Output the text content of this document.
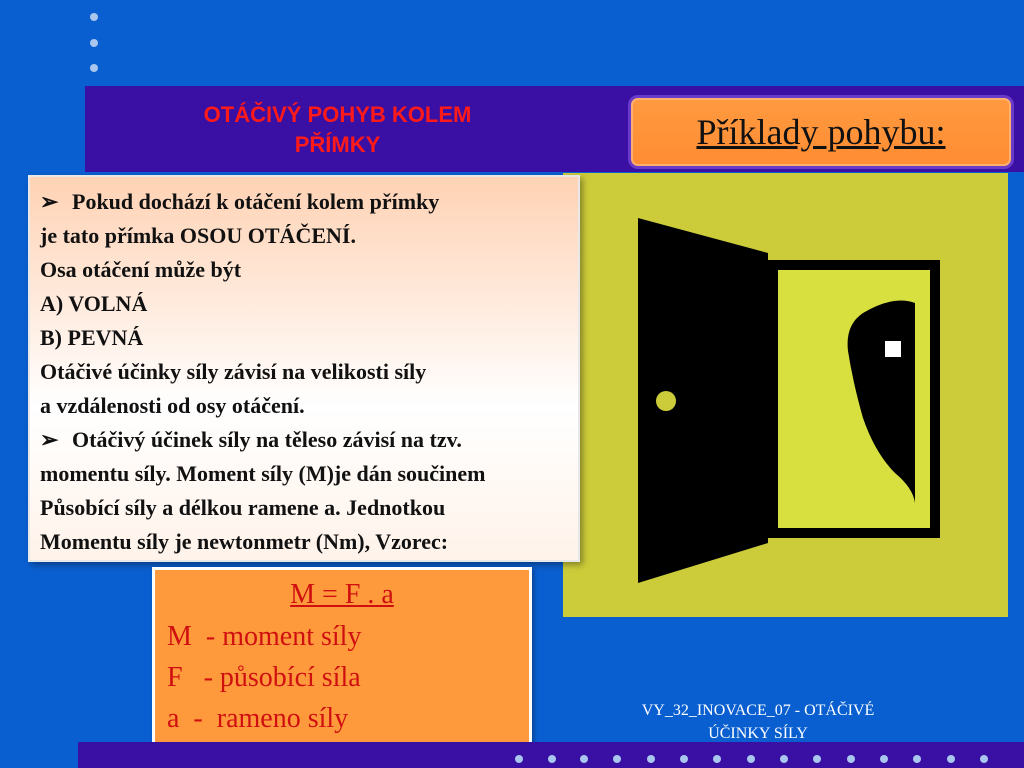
OTÁČIVÝ POHYB KOLEM
PŘÍMKY	Příklady pohybu:

➢ Pokud dochází k otáčení kolem přímky

je tato přímka OSOU OTÁČENÍ.

Osa otáčení může být

A) VOLNÁ

B) PEVNÁ

Otáčivé účinky síly závisí na velikosti síly

a vzdálenosti od osy otáčení.

➢ Otáčivý účinek síly na těleso závisí na tzv.

momentu síly. Moment síly (M)je dán součinem

Působící síly a délkou ramene a. Jednotkou

Momentu síly je newtonmetr (Nm), Vzorec:

M = F . a

M  - moment síly

F   - působící síla

a  -  rameno síly	VY_32_INOVACE_07 - OTÁČIVÉ
ÚČINKY SÍLY
